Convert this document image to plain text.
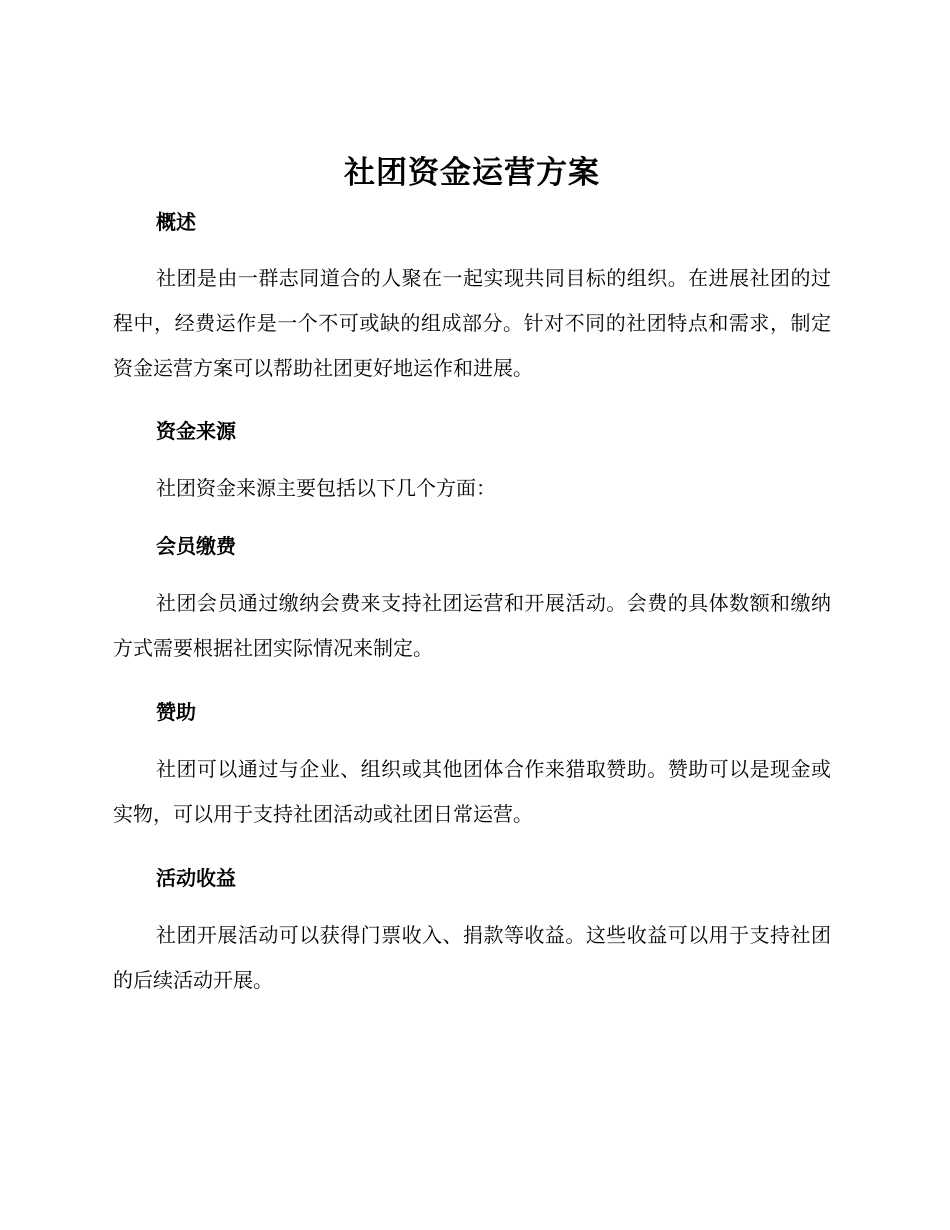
社团资金运营方案
概述

社团是由一群志同道合的人聚在一起实现共同目标的组织。在进展社团的过程中，经费运作是一个不可或缺的组成部分。针对不同的社团特点和需求，制定资金运营方案可以帮助社团更好地运作和进展。

资金来源

社团资金来源主要包括以下几个方面：

会员缴费

社团会员通过缴纳会费来支持社团运营和开展活动。会费的具体数额和缴纳方式需要根据社团实际情况来制定。

赞助

社团可以通过与企业、组织或其他团体合作来猎取赞助。赞助可以是现金或实物，可以用于支持社团活动或社团日常运营。

活动收益

社团开展活动可以获得门票收入、捐款等收益。这些收益可以用于支持社团的后续活动开展。
